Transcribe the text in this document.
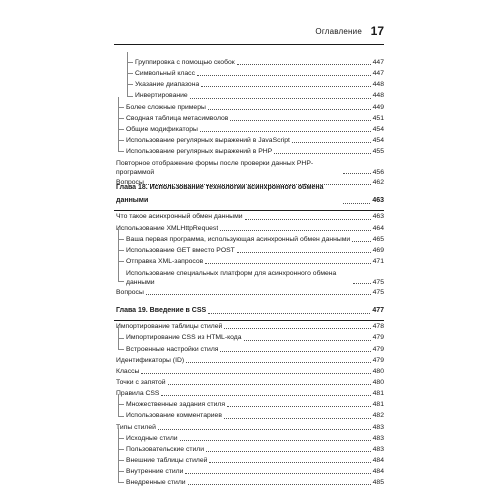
Оглавление 17
Группировка с помощью скобок	447
Символьный класс	447
Указание диапазона	448
Инвертирование	448
Более сложные примеры	449
Сводная таблица метасимволов	451
Общие модификаторы	454
Использование регулярных выражений в JavaScript	454
Использование регулярных выражений в PHP	455
Повторное отображение формы после проверки данных PHP-программой	456
Вопросы	462
Глава 18. Использование технологии асинхронного обмена данными	463
Что такое асинхронный обмен данными	463
Использование XMLHttpRequest	464
Ваша первая программа, использующая асинхронный обмен данными	465
Использование GET вместо POST	469
Отправка XML-запросов	471
Использование специальных платформ для асинхронного обмена данными	475
Вопросы	475
Глава 19. Введение в CSS	477
Импортирование таблицы стилей	478
Импортирование CSS из HTML-кода	479
Встроенные настройки стиля	479
Идентификаторы (ID)	479
Классы	480
Точки с запятой	480
Правила CSS	481
Множественные задания стиля	481
Использование комментариев	482
Типы стилей	483
Исходные стили	483
Пользовательские стили	483
Внешние таблицы стилей	484
Внутренние стили	484
Внедренные стили	485
